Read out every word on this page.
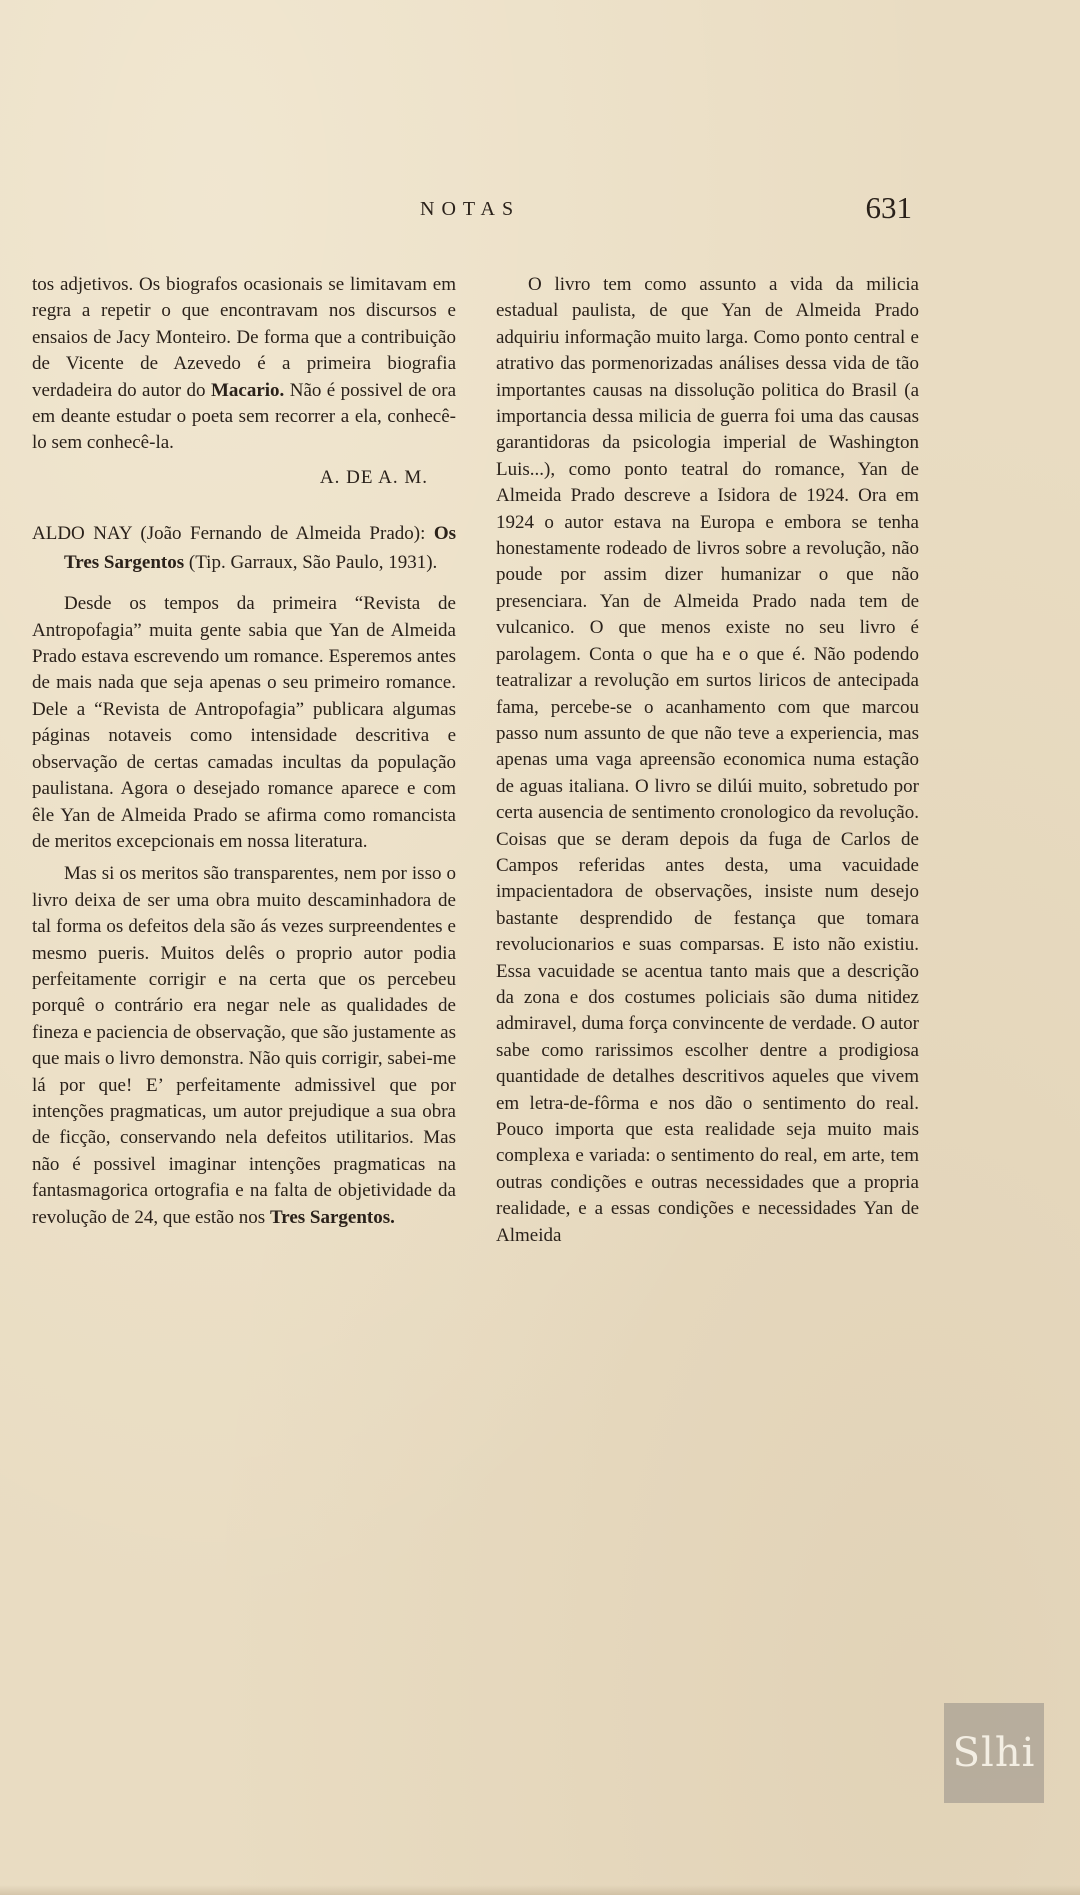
NOTAS	631

tos adjetivos. Os biografos ocasionais se limitavam em regra a repetir o que encontravam nos discursos e ensaios de Jacy Monteiro. De forma que a contribuição de Vicente de Azevedo é a primeira biografia verdadeira do autor do Macario. Não é possivel de ora em deante estudar o poeta sem recorrer a ela, conhecê-lo sem conhecê-la.

A. DE A. M.

ALDO NAY (João Fernando de Almeida Prado): Os Tres Sargentos (Tip. Garraux, São Paulo, 1931).

Desde os tempos da primeira “Revista de Antropofagia” muita gente sabia que Yan de Almeida Prado estava escrevendo um romance. Esperemos antes de mais nada que seja apenas o seu primeiro romance. Dele a “Revista de Antropofagia” publicara algumas páginas notaveis como intensidade descritiva e observação de certas camadas incultas da população paulistana. Agora o desejado romance aparece e com êle Yan de Almeida Prado se afirma como romancista de meritos excepcionais em nossa literatura.

Mas si os meritos são transparentes, nem por isso o livro deixa de ser uma obra muito descaminhadora de tal forma os defeitos dela são ás vezes surpreendentes e mesmo pueris. Muitos delês o proprio autor podia perfeitamente corrigir e na certa que os percebeu porquê o contrário era negar nele as qualidades de fineza e paciencia de observação, que são justamente as que mais o livro demonstra. Não quis corrigir, sabei-me lá por que! E’ perfeitamente admissivel que por intenções pragmaticas, um autor prejudique a sua obra de ficção, conservando nela defeitos utilitarios. Mas não é possivel imaginar intenções pragmaticas na fantasmagorica ortografia e na falta de objetividade da revolução de 24, que estão nos Tres Sargentos.

O livro tem como assunto a vida da milicia estadual paulista, de que Yan de Almeida Prado adquiriu informação muito larga. Como ponto central e atrativo das pormenorizadas análises dessa vida de tão importantes causas na dissolução politica do Brasil (a importancia dessa milicia de guerra foi uma das causas garantidoras da psicologia imperial de Washington Luis...), como ponto teatral do romance, Yan de Almeida Prado descreve a Isidora de 1924. Ora em 1924 o autor estava na Europa e embora se tenha honestamente rodeado de livros sobre a revolução, não poude por assim dizer humanizar o que não presenciara. Yan de Almeida Prado nada tem de vulcanico. O que menos existe no seu livro é parolagem. Conta o que ha e o que é. Não podendo teatralizar a revolução em surtos liricos de antecipada fama, percebe-se o acanhamento com que marcou passo num assunto de que não teve a experiencia, mas apenas uma vaga apreensão economica numa estação de aguas italiana. O livro se dilúi muito, sobretudo por certa ausencia de sentimento cronologico da revolução. Coisas que se deram depois da fuga de Carlos de Campos referidas antes desta, uma vacuidade impacientadora de observações, insiste num desejo bastante desprendido de festança que tomara revolucionarios e suas comparsas. E isto não existiu. Essa vacuidade se acentua tanto mais que a descrição da zona e dos costumes policiais são duma nitidez admiravel, duma força convincente de verdade. O autor sabe como rarissimos escolher dentre a prodigiosa quantidade de detalhes descritivos aqueles que vivem em letra-de-fôrma e nos dão o sentimento do real. Pouco importa que esta realidade seja muito mais complexa e variada: o sentimento do real, em arte, tem outras condições e outras necessidades que a propria realidade, e a essas condições e necessidades Yan de Almeida

Slhi
